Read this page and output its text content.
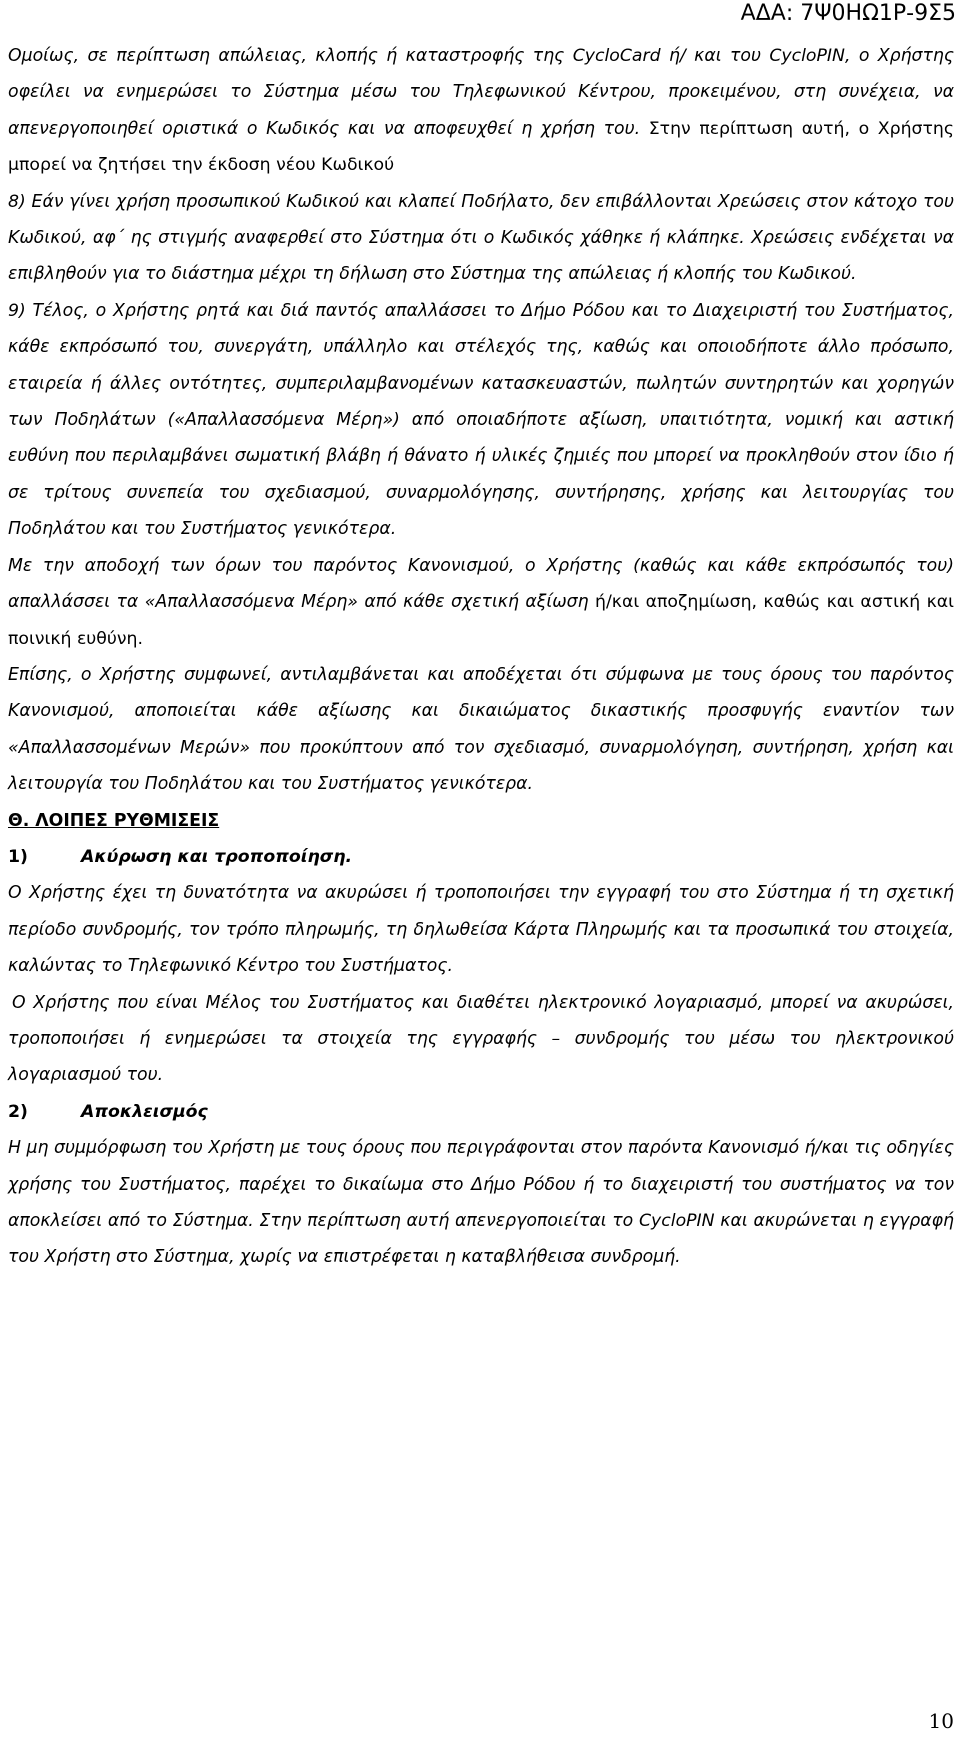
ΑΔΑ: 7Ψ0ΗΩ1Ρ-9Σ5

Ομοίως, σε περίπτωση απώλειας, κλοπής ή καταστροφής της CycloCard ή/ και του CycloPIN, ο Χρήστης οφείλει να ενημερώσει το Σύστημα μέσω του Τηλεφωνικού Κέντρου, προκειμένου, στη συνέχεια, να απενεργοποιηθεί οριστικά ο Κωδικός και να αποφευχθεί η χρήση του. Στην περίπτωση αυτή, ο Χρήστης μπορεί να ζητήσει την έκδοση νέου Κωδικού

8) Εάν γίνει χρήση προσωπικού Κωδικού και κλαπεί Ποδήλατο, δεν επιβάλλονται Χρεώσεις στον κάτοχο του Κωδικού, αφ΄ ης στιγμής αναφερθεί στο Σύστημα ότι ο Κωδικός χάθηκε ή κλάπηκε. Χρεώσεις ενδέχεται να επιβληθούν για το διάστημα μέχρι τη δήλωση στο Σύστημα της απώλειας ή κλοπής του Κωδικού.

9) Τέλος, ο Χρήστης ρητά και διά παντός απαλλάσσει το Δήμο Ρόδου και το Διαχειριστή του Συστήματος, κάθε εκπρόσωπό του, συνεργάτη, υπάλληλο και στέλεχός της, καθώς και οποιοδήποτε άλλο πρόσωπο, εταιρεία ή άλλες οντότητες, συμπεριλαμβανομένων κατασκευαστών, πωλητών συντηρητών και χορηγών των Ποδηλάτων («Απαλλασσόμενα Μέρη») από οποιαδήποτε αξίωση, υπαιτιότητα, νομική και αστική ευθύνη που περιλαμβάνει σωματική βλάβη ή θάνατο ή υλικές ζημιές που μπορεί να προκληθούν στον ίδιο ή σε τρίτους συνεπεία του σχεδιασμού, συναρμολόγησης, συντήρησης, χρήσης και λειτουργίας του Ποδηλάτου και του Συστήματος γενικότερα.

Με την αποδοχή των όρων του παρόντος Κανονισμού, ο Χρήστης (καθώς και κάθε εκπρόσωπός του) απαλλάσσει τα «Απαλλασσόμενα Μέρη» από κάθε σχετική αξίωση ή/και αποζημίωση, καθώς και αστική και ποινική ευθύνη.

Επίσης, ο Χρήστης συμφωνεί, αντιλαμβάνεται και αποδέχεται ότι σύμφωνα με τους όρους του παρόντος Κανονισμού, αποποιείται κάθε αξίωσης και δικαιώματος δικαστικής προσφυγής εναντίον των «Απαλλασσομένων Μερών» που προκύπτουν από τον σχεδιασμό, συναρμολόγηση, συντήρηση, χρήση και λειτουργία του Ποδηλάτου και του Συστήματος γενικότερα.

Θ. ΛΟΙΠΕΣ ΡΥΘΜΙΣΕΙΣ

1)	Ακύρωση και τροποποίηση.

Ο Χρήστης έχει τη δυνατότητα να ακυρώσει ή τροποποιήσει την εγγραφή του στο Σύστημα ή τη σχετική περίοδο συνδρομής, τον τρόπο πληρωμής, τη δηλωθείσα Κάρτα Πληρωμής και τα προσωπικά του στοιχεία, καλώντας το Τηλεφωνικό Κέντρο του Συστήματος.

Ο Χρήστης που είναι Μέλος του Συστήματος και διαθέτει ηλεκτρονικό λογαριασμό, μπορεί να ακυρώσει, τροποποιήσει ή ενημερώσει τα στοιχεία της εγγραφής – συνδρομής του μέσω του ηλεκτρονικού λογαριασμού του.

2)	Αποκλεισμός

Η μη συμμόρφωση του Χρήστη με τους όρους που περιγράφονται στον παρόντα Κανονισμό ή/και τις οδηγίες χρήσης του Συστήματος, παρέχει το δικαίωμα στο Δήμο Ρόδου ή το διαχειριστή του συστήματος να τον αποκλείσει από το Σύστημα. Στην περίπτωση αυτή απενεργοποιείται το CycloPIN και ακυρώνεται η εγγραφή του Χρήστη στο Σύστημα, χωρίς να επιστρέφεται η καταβλήθεισα συνδρομή.

10
